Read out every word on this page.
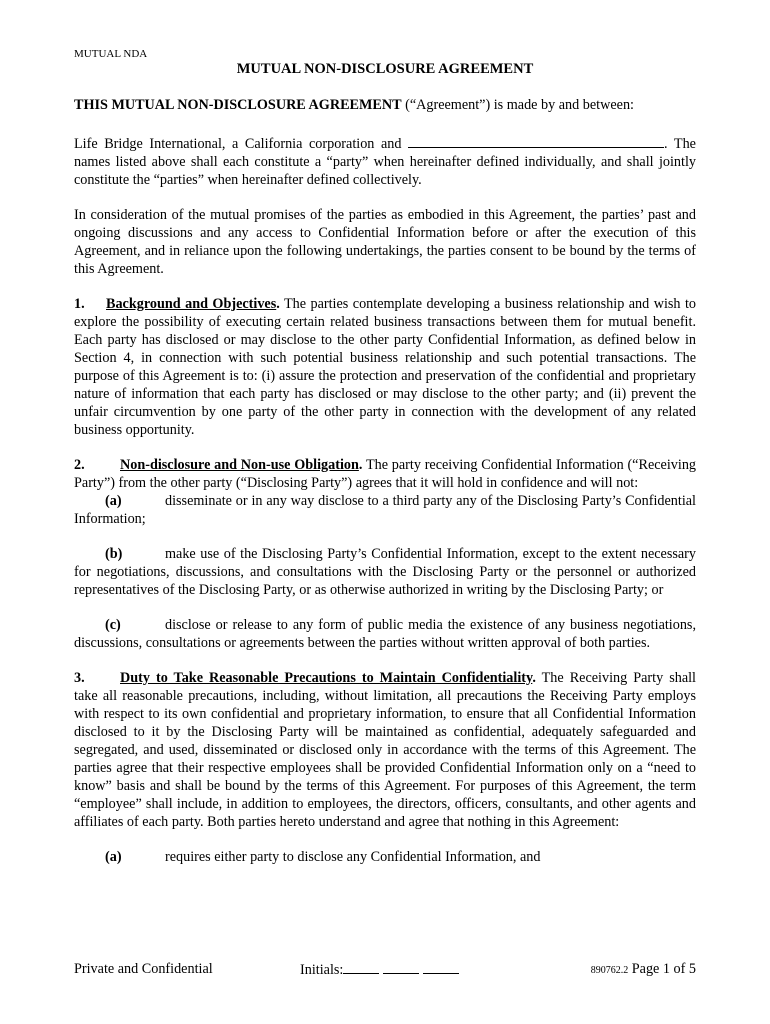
MUTUAL NDA
MUTUAL NON-DISCLOSURE AGREEMENT

THIS MUTUAL NON-DISCLOSURE AGREEMENT (“Agreement”) is made by and between:

Life Bridge International, a California corporation and	. The names listed above shall each constitute a “party” when hereinafter defined individually, and shall jointly constitute the “parties” when hereinafter defined collectively.

In consideration of the mutual promises of the parties as embodied in this Agreement, the parties’ past and ongoing discussions and any access to Confidential Information before or after the execution of this Agreement, and in reliance upon the following undertakings, the parties consent to be bound by the terms of this Agreement.

1. Background and Objectives. The parties contemplate developing a business relationship and wish to explore the possibility of executing certain related business transactions between them for mutual benefit. Each party has disclosed or may disclose to the other party Confidential Information, as defined below in Section 4, in connection with such potential business relationship and such potential transactions. The purpose of this Agreement is to: (i) assure the protection and preservation of the confidential and proprietary nature of information that each party has disclosed or may disclose to the other party; and (ii) prevent the unfair circumvention by one party of the other party in connection with the development of any related business opportunity.

2. Non-disclosure and Non-use Obligation. The party receiving Confidential Information (“Receiving Party”) from the other party (“Disclosing Party”) agrees that it will hold in confidence and will not:

(a)	disseminate or in any way disclose to a third party any of the Disclosing Party’s Confidential Information;

(b)	make use of the Disclosing Party’s Confidential Information, except to the extent necessary for negotiations, discussions, and consultations with the Disclosing Party or the personnel or authorized representatives of the Disclosing Party, or as otherwise authorized in writing by the Disclosing Party; or

(c)	disclose or release to any form of public media the existence of any business negotiations, discussions, consultations or agreements between the parties without written approval of both parties.

3. Duty to Take Reasonable Precautions to Maintain Confidentiality. The Receiving Party shall take all reasonable precautions, including, without limitation, all precautions the Receiving Party employs with respect to its own confidential and proprietary information, to ensure that all Confidential Information disclosed to it by the Disclosing Party will be maintained as confidential, adequately safeguarded and segregated, and used, disseminated or disclosed only in accordance with the terms of this Agreement. The parties agree that their respective employees shall be provided Confidential Information only on a “need to know” basis and shall be bound by the terms of this Agreement. For purposes of this Agreement, the term “employee” shall include, in addition to employees, the directors, officers, consultants, and other agents and affiliates of each party. Both parties hereto understand and agree that nothing in this Agreement:

(a)	requires either party to disclose any Confidential Information, and

Private and Confidential	Initials:	890762.2 Page 1 of 5
